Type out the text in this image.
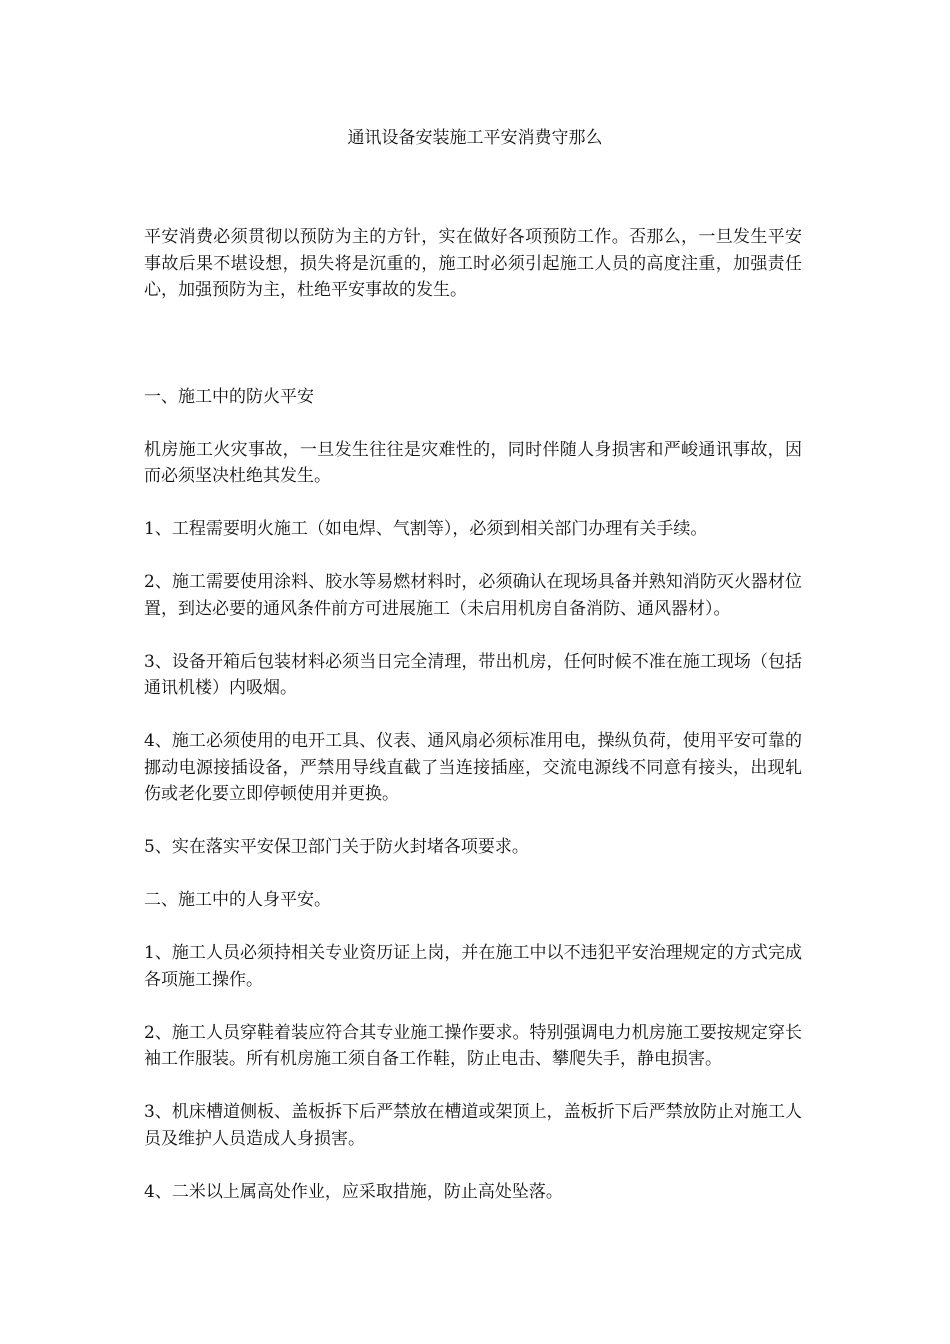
通讯设备安装施工平安消费守那么

平安消费必须贯彻以预防为主的方针，实在做好各项预防工作。否那么，一旦发生平安事故后果不堪设想，损失将是沉重的，施工时必须引起施工人员的高度注重，加强责任心，加强预防为主，杜绝平安事故的发生。

一、施工中的防火平安

机房施工火灾事故，一旦发生往往是灾难性的，同时伴随人身损害和严峻通讯事故，因而必须坚决杜绝其发生。

1、工程需要明火施工（如电焊、气割等），必须到相关部门办理有关手续。

2、施工需要使用涂料、胶水等易燃材料时，必须确认在现场具备并熟知消防灭火器材位置，到达必要的通风条件前方可进展施工（未启用机房自备消防、通风器材）。

3、设备开箱后包装材料必须当日完全清理，带出机房，任何时候不准在施工现场（包括通讯机楼）内吸烟。

4、施工必须使用的电开工具、仪表、通风扇必须标准用电，操纵负荷，使用平安可靠的挪动电源接插设备，严禁用导线直截了当连接插座，交流电源线不同意有接头，出现轧伤或老化要立即停顿使用并更换。

5、实在落实平安保卫部门关于防火封堵各项要求。

二、施工中的人身平安。

1、施工人员必须持相关专业资历证上岗，并在施工中以不违犯平安治理规定的方式完成各项施工操作。

2、施工人员穿鞋着装应符合其专业施工操作要求。特别强调电力机房施工要按规定穿长袖工作服装。所有机房施工须自备工作鞋，防止电击、攀爬失手，静电损害。

3、机床槽道侧板、盖板拆下后严禁放在槽道或架顶上，盖板折下后严禁放防止对施工人员及维护人员造成人身损害。

4、二米以上属高处作业，应采取措施，防止高处坠落。
